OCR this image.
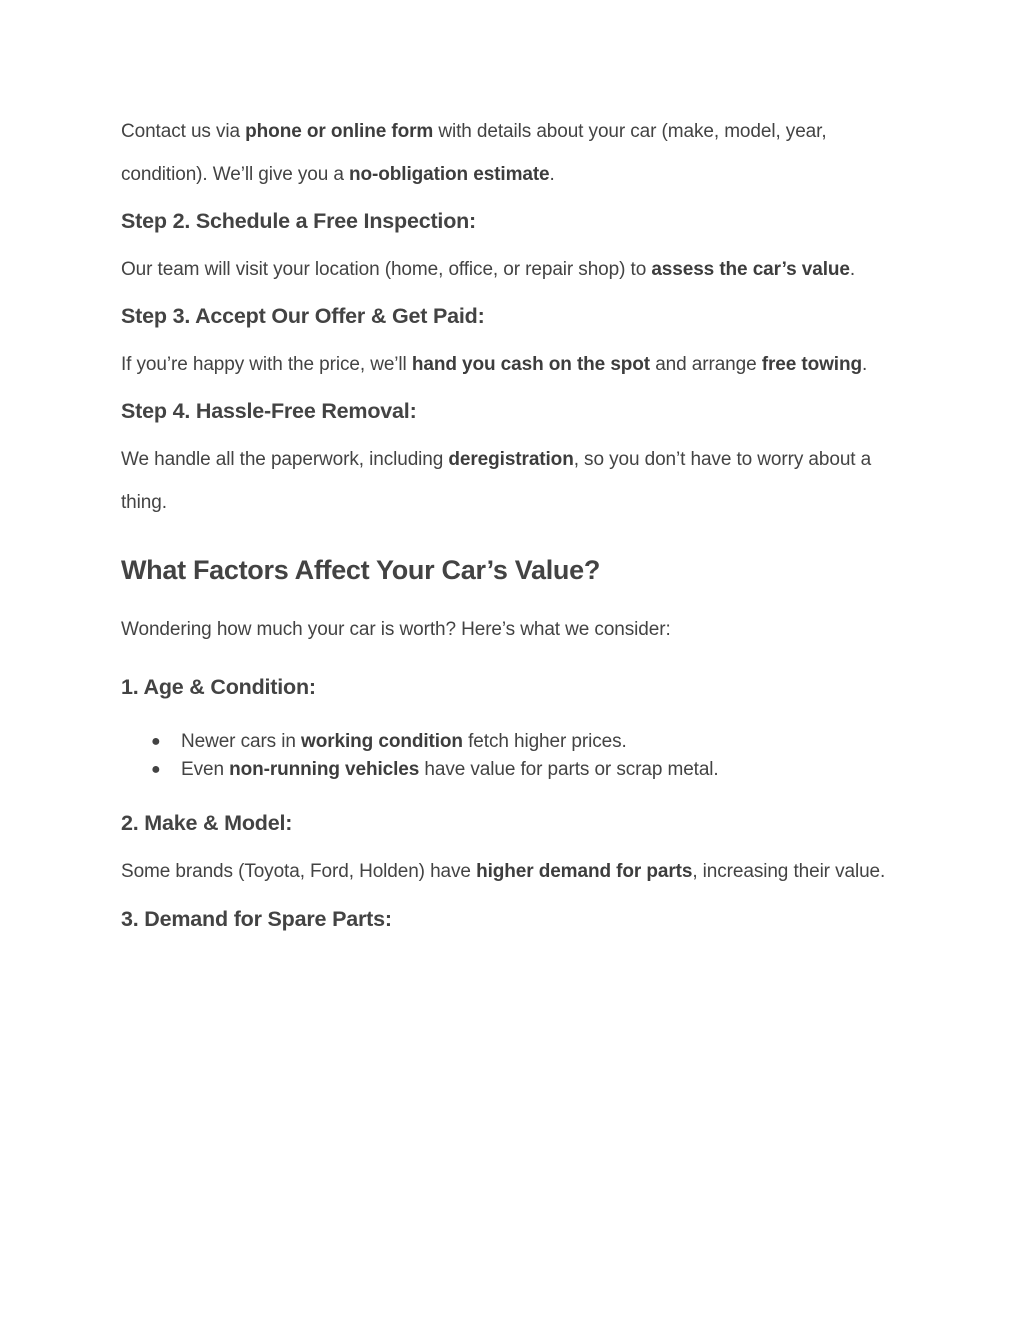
Contact us via phone or online form with details about your car (make, model, year, condition). We’ll give you a no-obligation estimate.

Step 2. Schedule a Free Inspection:

Our team will visit your location (home, office, or repair shop) to assess the car’s value.

Step 3. Accept Our Offer & Get Paid:

If you’re happy with the price, we’ll hand you cash on the spot and arrange free towing.

Step 4. Hassle-Free Removal:

We handle all the paperwork, including deregistration, so you don’t have to worry about a thing.

What Factors Affect Your Car’s Value?

Wondering how much your car is worth? Here’s what we consider:

1. Age & Condition:
● Newer cars in working condition fetch higher prices.
● Even non-running vehicles have value for parts or scrap metal.
2. Make & Model:

Some brands (Toyota, Ford, Holden) have higher demand for parts, increasing their value.

3. Demand for Spare Parts:
